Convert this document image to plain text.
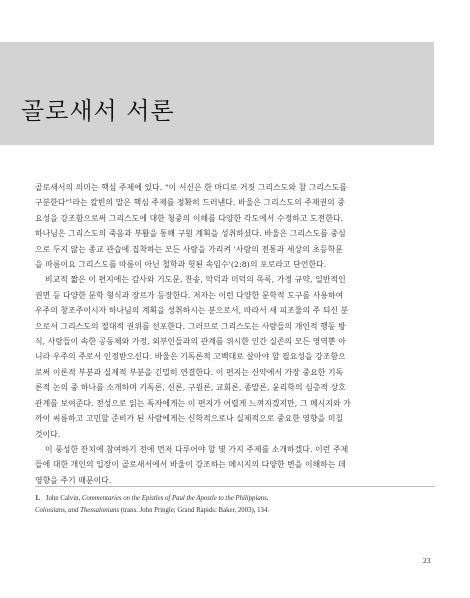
골로새서 서론

골로새서의 의미는 핵심 주제에 있다. "이 서신은 한 마디로 거짓 그리스도와 참 그리스도를
구분한다"¹라는 칼빈의 말은 핵심 주제를 정확히 드러낸다. 바울은 그리스도의 주재권의 중
요성을 강조함으로써 그리스도에 대한 청중의 이해를 다양한 각도에서 수정하고 도전한다.
하나님은 그리스도의 죽음과 부활을 통해 구원 계획을 성취하셨다. 바울은 그리스도를 중심
으로 두지 않는 종교 관습에 집착하는 모든 사람을 가리켜 '사람의 전통과 세상의 초등학문
을 따름이요 그리스도를 따름이 아닌 철학과 헛된 속임수'(2:8)의 포로라고 단언한다.

비교적 짧은 이 편지에는 감사와 기도문, 찬송, 악덕과 미덕의 목록, 가정 규약, 일반적인
권면 등 다양한 문학 형식과 장르가 등장한다. 저자는 이런 다양한 문학적 도구를 사용하여
우주의 창조주이시자 하나님의 계획을 성취하시는 분으로서, 따라서 새 피조물의 주 되신 분
으로서 그리스도의 절대적 권위를 선포한다. 그러므로 그리스도는 사람들의 개인적 행동 방
식, 사람들이 속한 공동체와 가정, 외부인들과의 관계를 위시한 인간 실존의 모든 영역뿐 아
니라 우주의 주로서 인정받으신다. 바울은 기독론적 고백대로 살아야 할 필요성을 강조함으
로써 이론적 부분과 실제적 부분을 긴밀히 연결한다. 이 편지는 신약에서 가장 중요한 기독
론적 논의 중 하나를 소개하며 기독론, 신론, 구원론, 교회론, 종말론, 윤리학의 심층적 상호
관계를 보여준다. 전성으로 읽는 독자에게는 이 편지가 어렵게 느껴지겠지만, 그 메시지와 가
까이 씨름하고 고민할 준비가 된 사람에게는 신학적으로나 실제적으로 중요한 영향을 미칠
것이다.

이 풍성한 잔치에 참여하기 전에 먼저 다루어야 할 몇 가지 주제를 소개하겠다. 이런 주제
들에 대한 개인의 입장이 골로새서에서 바울이 강조하는 메시지의 다양한 변을 이해하는 데
영향을 주기 때문이다.

1. John Calvin, Commentaries on the Epistles of Paul the Apostle to the Philippians, Colossians, and Thessalonians (trans. John Pringle; Grand Rapids: Baker, 2003), 134.
23
